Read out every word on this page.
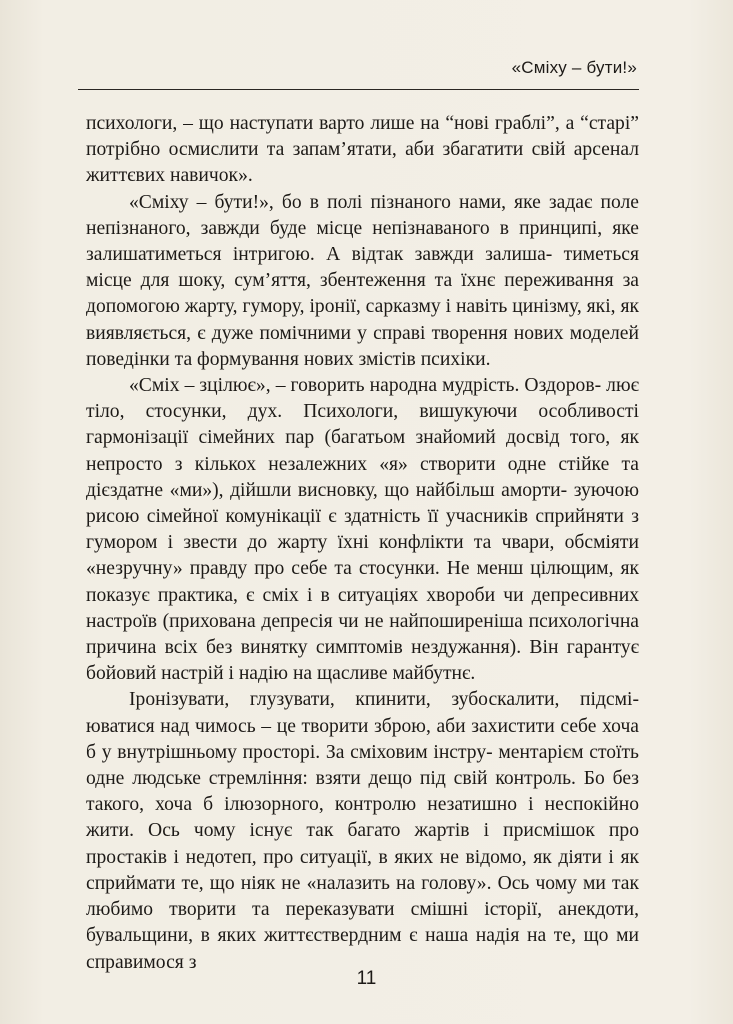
«Сміху – бути!»

психологи, – що наступати варто лише на “нові граблі”, а “старі” потрібно осмислити та запам’ятати, аби збагатити свій арсенал життєвих навичок».

«Сміху – бути!», бо в полі пізнаного нами, яке задає поле непізнаного, завжди буде місце непізнаваного в принципі, яке залишатиметься інтригою. А відтак завжди залиша- тиметься місце для шоку, сум’яття, збентеження та їхнє переживання за допомогою жарту, гумору, іронії, сарказму і навіть цинізму, які, як виявляється, є дуже помічними у справі творення нових моделей поведінки та формування нових змістів психіки.

«Сміх – зцілює», – говорить народна мудрість. Оздоров- лює тіло, стосунки, дух. Психологи, вишукуючи особливості гармонізації сімейних пар (багатьом знайомий досвід того, як непросто з кількох незалежних «я» створити одне стійке та дієздатне «ми»), дійшли висновку, що найбільш аморти- зуючою рисою сімейної комунікації є здатність її учасників сприйняти з гумором і звести до жарту їхні конфлікти та чвари, обсміяти «незручну» правду про себе та стосунки. Не менш цілющим, як показує практика, є сміх і в ситуаціях хвороби чи депресивних настроїв (прихована депресія чи не найпоширеніша психологічна причина всіх без винятку симптомів нездужання). Він гарантує бойовий настрій і надію на щасливе майбутнє.

Іронізувати, глузувати, кпинити, зубоскалити, підсмі- юватися над чимось – це творити зброю, аби захистити себе хоча б у внутрішньому просторі. За сміховим інстру- ментарієм стоїть одне людське стремління: взяти дещо під свій контроль. Бо без такого, хоча б ілюзорного, контролю незатишно і неспокійно жити. Ось чому існує так багато жартів і присмішок про простаків і недотеп, про ситуації, в яких не відомо, як діяти і як сприймати те, що ніяк не «налазить на голову». Ось чому ми так любимо творити та переказувати смішні історії, анекдоти, бувальщини, в яких життєствердним є наша надія на те, що ми справимося з

11
